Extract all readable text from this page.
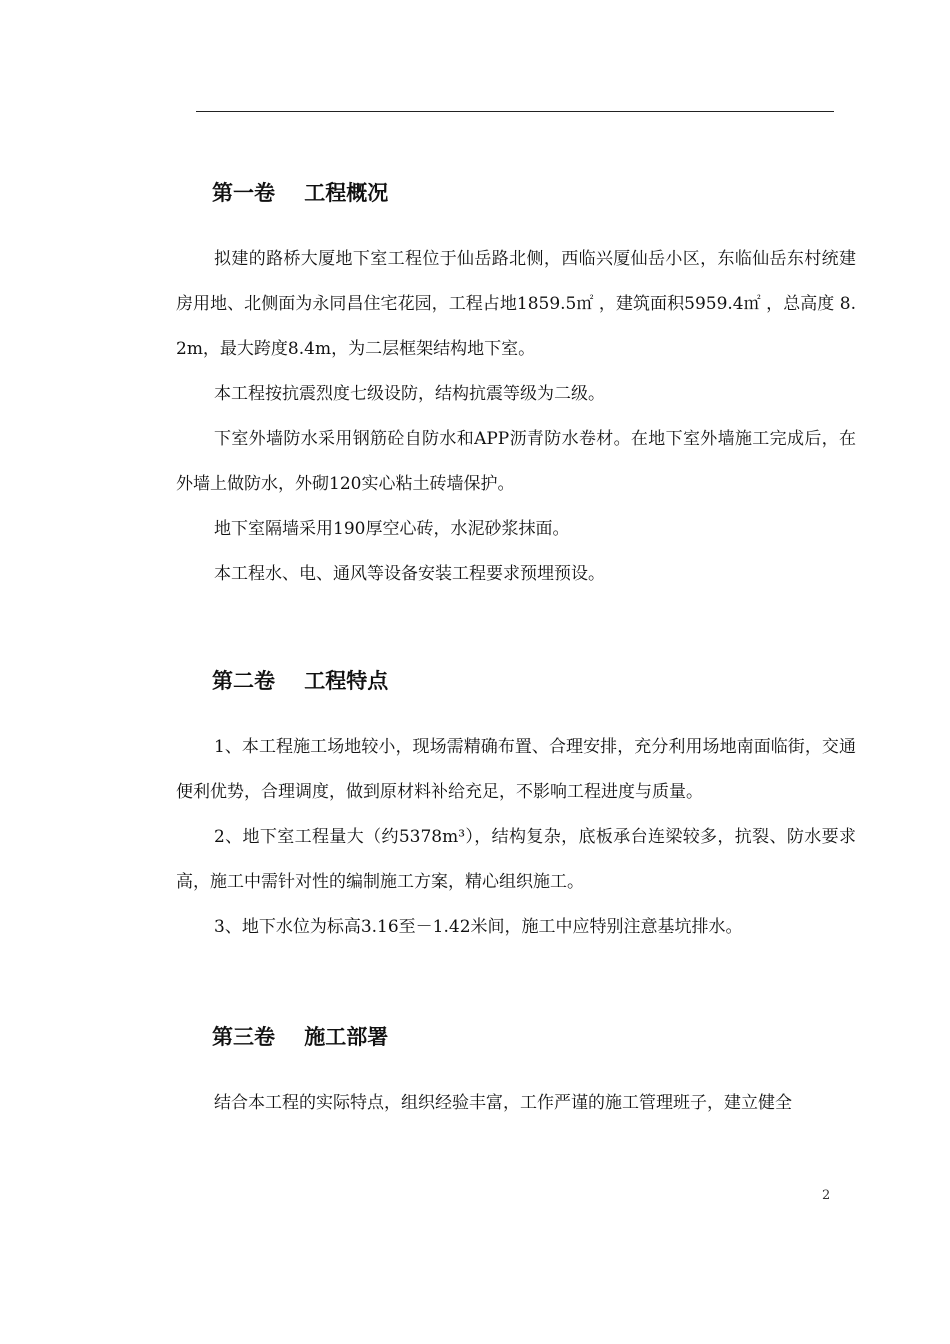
第一卷    工程概况

拟建的路桥大厦地下室工程位于仙岳路北侧，西临兴厦仙岳小区，东临仙岳东村统建房用地、北侧面为永同昌住宅花园，工程占地1859.5㎡ ，建筑面积5959.4㎡ ，总高度 8.2m，最大跨度8.4m，为二层框架结构地下室。

本工程按抗震烈度七级设防，结构抗震等级为二级。

下室外墙防水采用钢筋砼自防水和APP沥青防水卷材。在地下室外墙施工完成后，在外墙上做防水，外砌120实心粘土砖墙保护。

地下室隔墙采用190厚空心砖，水泥砂浆抹面。

本工程水、电、通风等设备安装工程要求预埋预设。

第二卷    工程特点

1、本工程施工场地较小，现场需精确布置、合理安排，充分利用场地南面临街，交通便利优势，合理调度，做到原材料补给充足，不影响工程进度与质量。

2、地下室工程量大（约5378m³），结构复杂，底板承台连梁较多，抗裂、防水要求高，施工中需针对性的编制施工方案，精心组织施工。

3、地下水位为标高3.16至－1.42米间，施工中应特别注意基坑排水。

第三卷    施工部署

结合本工程的实际特点，组织经验丰富，工作严谨的施工管理班子，建立健全

2
